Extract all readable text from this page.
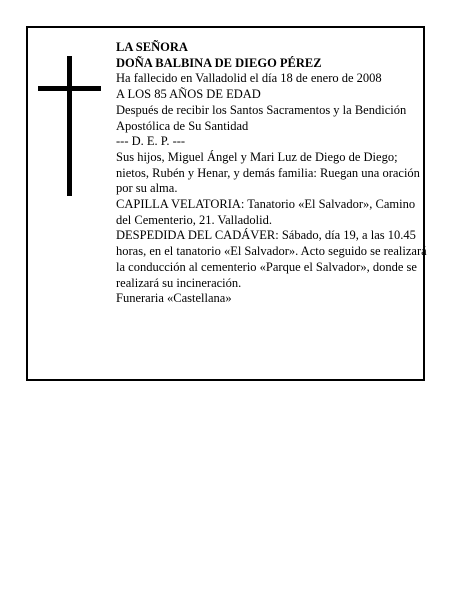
LA SEÑORA

DOÑA BALBINA DE DIEGO PÉREZ

Ha fallecido en Valladolid el día 18 de enero de 2008

A LOS 85 AÑOS DE EDAD

Después de recibir los Santos Sacramentos y la Bendición Apostólica de Su Santidad

--- D. E. P. ---

Sus hijos, Miguel Ángel y Mari Luz de Diego de Diego; nietos, Rubén y Henar, y demás familia: Ruegan una oración por su alma.

CAPILLA VELATORIA: Tanatorio «El Salvador», Camino del Cementerio, 21. Valladolid.

DESPEDIDA DEL CADÁVER: Sábado, día 19, a las 10.45 horas, en el tanatorio «El Salvador». Acto seguido se realizará la conducción al cementerio «Parque el Salvador», donde se realizará su incineración.

Funeraria «Castellana»
